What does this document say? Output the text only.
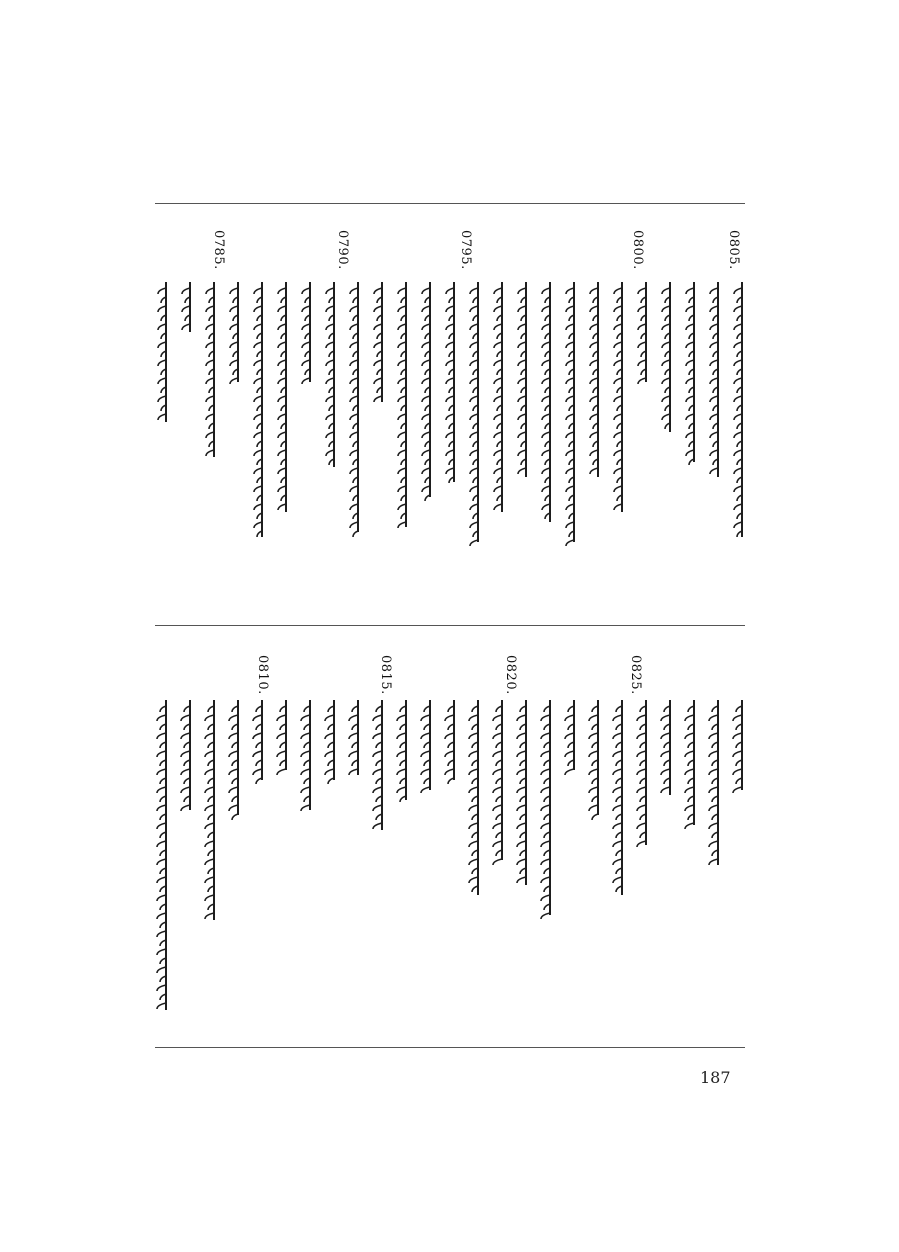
0805.
0800.
0795.
0790.
0785.
0825.
0820.
0815.
0810.
187
